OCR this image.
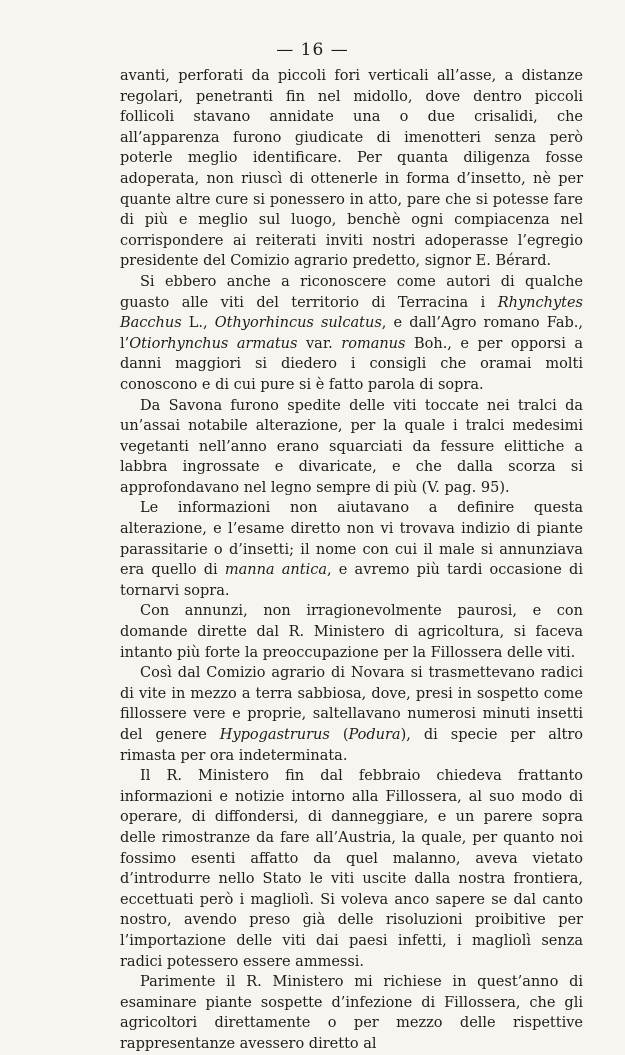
— 16 —

avanti, perforati da piccoli fori verticali all’asse, a distanze regolari, penetranti fin nel midollo, dove dentro piccoli follicoli stavano annidate una o due crisalidi, che all’apparenza furono giudicate di imenotteri senza però poterle meglio identificare. Per quanta diligenza fosse adoperata, non riuscì di ottenerle in forma d’insetto, nè per quante altre cure si ponessero in atto, pare che si potesse fare di più e meglio sul luogo, benchè ogni compiacenza nel corrispondere ai reiterati inviti nostri adoperasse l’egregio presidente del Comizio agrario predetto, signor E. Bérard.

Si ebbero anche a riconoscere come autori di qualche guasto alle viti del territorio di Terracina i Rhynchytes Bacchus L., Othyorhincus sulcatus, e dall’Agro romano Fab., l’Otiorhynchus armatus var. romanus Boh., e per opporsi a danni maggiori si diedero i consigli che oramai molti conoscono e di cui pure si è fatto parola di sopra.

Da Savona furono spedite delle viti toccate nei tralci da un’assai notabile alterazione, per la quale i tralci medesimi vegetanti nell’anno erano squarciati da fessure elittiche a labbra ingrossate e divaricate, e che dalla scorza si approfondavano nel legno sempre di più (V. pag. 95).

Le informazioni non aiutavano a definire questa alterazione, e l’esame diretto non vi trovava indizio di piante parassitarie o d’insetti; il nome con cui il male si annunziava era quello di manna antica, e avremo più tardi occasione di tornarvi sopra.

Con annunzi, non irragionevolmente paurosi, e con domande dirette dal R. Ministero di agricoltura, si faceva intanto più forte la preoccupazione per la Fillossera delle viti.

Così dal Comizio agrario di Novara si trasmettevano radici di vite in mezzo a terra sabbiosa, dove, presi in sospetto come fillossere vere e proprie, saltellavano numerosi minuti insetti del genere Hypogastrurus (Podura), di specie per altro rimasta per ora indeterminata.

Il R. Ministero fin dal febbraio chiedeva frattanto informazioni e notizie intorno alla Fillossera, al suo modo di operare, di diffondersi, di danneggiare, e un parere sopra delle rimostranze da fare all’Austria, la quale, per quanto noi fossimo esenti affatto da quel malanno, aveva vietato d’introdurre nello Stato le viti uscite dalla nostra frontiera, eccettuati però i magliolì. Si voleva anco sapere se dal canto nostro, avendo preso già delle risoluzioni proibitive per l’importazione delle viti dai paesi infetti, i magliolì senza radici potessero essere ammessi.

Parimente il R. Ministero mi richiese in quest’anno di esaminare piante sospette d’infezione di Fillossera, che gli agricoltori direttamente o per mezzo delle rispettive rappresentanze avessero diretto al
